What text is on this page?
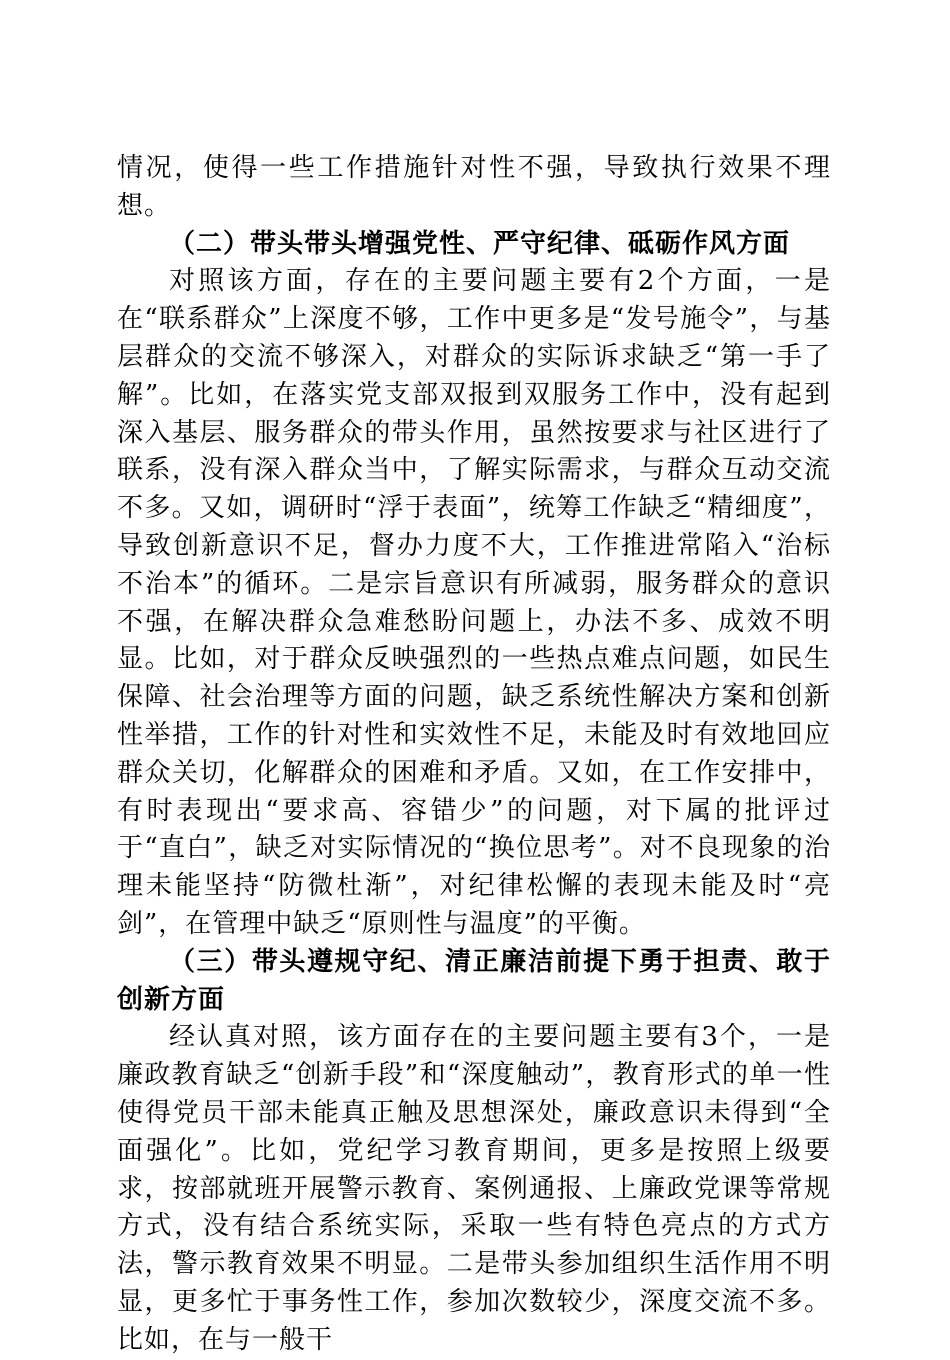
情况，使得一些工作措施针对性不强，导致执行效果不理想。

（二）带头带头增强党性、严守纪律、砥砺作风方面

对照该方面，存在的主要问题主要有2个方面，一是在“联系群众”上深度不够，工作中更多是“发号施令”，与基层群众的交流不够深入，对群众的实际诉求缺乏“第一手了解”。比如，在落实党支部双报到双服务工作中，没有起到深入基层、服务群众的带头作用，虽然按要求与社区进行了联系，没有深入群众当中，了解实际需求，与群众互动交流不多。又如，调研时“浮于表面”，统筹工作缺乏“精细度”，导致创新意识不足，督办力度不大，工作推进常陷入“治标不治本”的循环。二是宗旨意识有所减弱，服务群众的意识不强，在解决群众急难愁盼问题上，办法不多、成效不明显。比如，对于群众反映强烈的一些热点难点问题，如民生保障、社会治理等方面的问题，缺乏系统性解决方案和创新性举措，工作的针对性和实效性不足，未能及时有效地回应群众关切，化解群众的困难和矛盾。又如，在工作安排中，有时表现出“要求高、容错少”的问题，对下属的批评过于“直白”，缺乏对实际情况的“换位思考”。对不良现象的治理未能坚持“防微杜渐”，对纪律松懈的表现未能及时“亮剑”，在管理中缺乏“原则性与温度”的平衡。

（三）带头遵规守纪、清正廉洁前提下勇于担责、敢于创新方面

经认真对照，该方面存在的主要问题主要有3个，一是廉政教育缺乏“创新手段”和“深度触动”，教育形式的单一性使得党员干部未能真正触及思想深处，廉政意识未得到“全面强化”。比如，党纪学习教育期间，更多是按照上级要求，按部就班开展警示教育、案例通报、上廉政党课等常规方式，没有结合系统实际，采取一些有特色亮点的方式方法，警示教育效果不明显。二是带头参加组织生活作用不明显，更多忙于事务性工作，参加次数较少，深度交流不多。比如，在与一般干
